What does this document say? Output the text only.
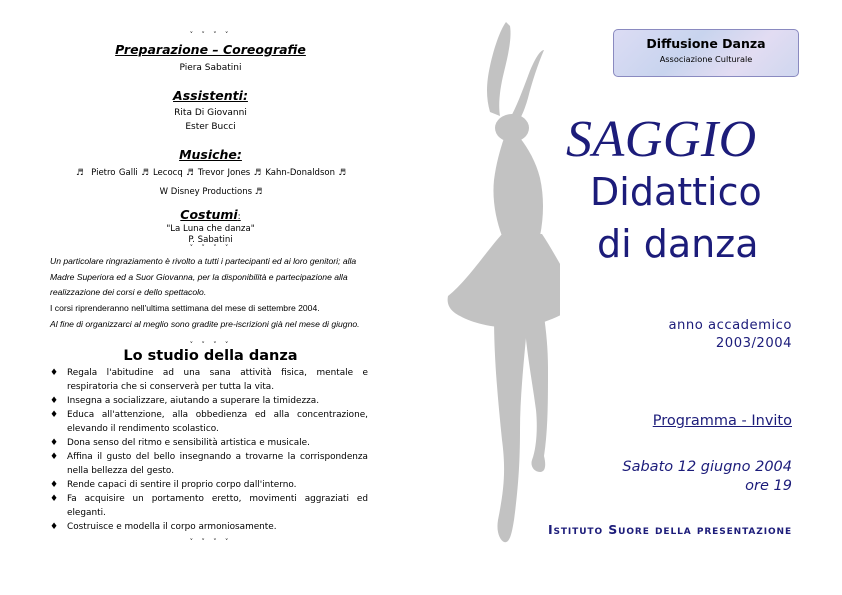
˅ ˅ ˅ ˅
Preparazione – Coreografie
Piera Sabatini
Assistenti:
Rita Di Giovanni
Ester Bucci
Musiche:
♬ Pietro Galli ♬ Lecocq ♬ Trevor Jones ♬ Kahn-Donaldson ♬ W Disney Productions ♬
Costumi:
"La Luna che danza"
P. Sabatini
˅ ˅ ˅ ˅
Un particolare ringraziamento è rivolto a tutti i partecipanti ed ai loro genitori; alla Madre Superiora ed a Suor Giovanna, per la disponibilità e partecipazione alla realizzazione dei corsi e dello spettacolo.
I corsi riprenderanno nell'ultima settimana del mese di settembre 2004.
Al fine di organizzarci al meglio sono gradite pre-iscrizioni già nel mese di giugno.
˅ ˅ ˅ ˅
Lo studio della danza
♦ Regala l'abitudine ad una sana attività fisica, mentale e respiratoria che si conserverà per tutta la vita.
♦ Insegna a socializzare, aiutando a superare la timidezza.
♦ Educa all'attenzione, alla obbedienza ed alla concentrazione, elevando il rendimento scolastico.
♦ Dona senso del ritmo e sensibilità artistica e musicale.
♦ Affina il gusto del bello insegnando a trovarne la corrispondenza nella bellezza del gesto.
♦ Rende capaci di sentire il proprio corpo dall'interno.
♦ Fa acquisire un portamento eretto, movimenti aggraziati ed eleganti.
♦ Costruisce e modella il corpo armoniosamente.
˅ ˅ ˅ ˅
Diffusione Danza
Associazione Culturale
SAGGIO
Didattico
di danza
anno accademico
2003/2004
Programma - Invito
Sabato 12 giugno 2004
ore 19
Istituto Suore della presentazione
